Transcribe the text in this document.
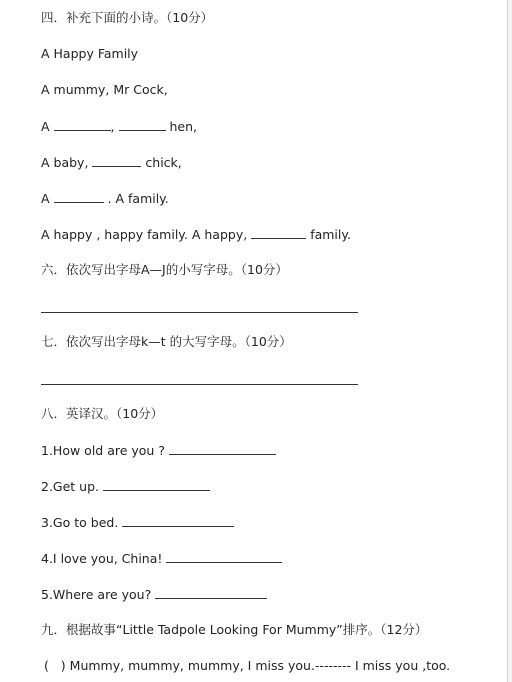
四．补充下面的小诗。（10分）
A Happy Family
A mummy, Mr Cock,
A	,	hen,
A baby,	chick,
A	. A family.
A happy , happy family. A happy,	family.
六．依次写出字母A—J的小写字母。（10分）
七．依次写出字母k—t 的大写字母。（10分）
八．英译汉。（10分）
1.How old are you ?
2.Get up.
3.Go to bed.
4.I love you, China!
5.Where are you?
九．根据故事“Little Tadpole Looking For Mummy”排序。（12分）
(   ) Mummy, mummy, mummy, I miss you.-------- I miss you ,too.
